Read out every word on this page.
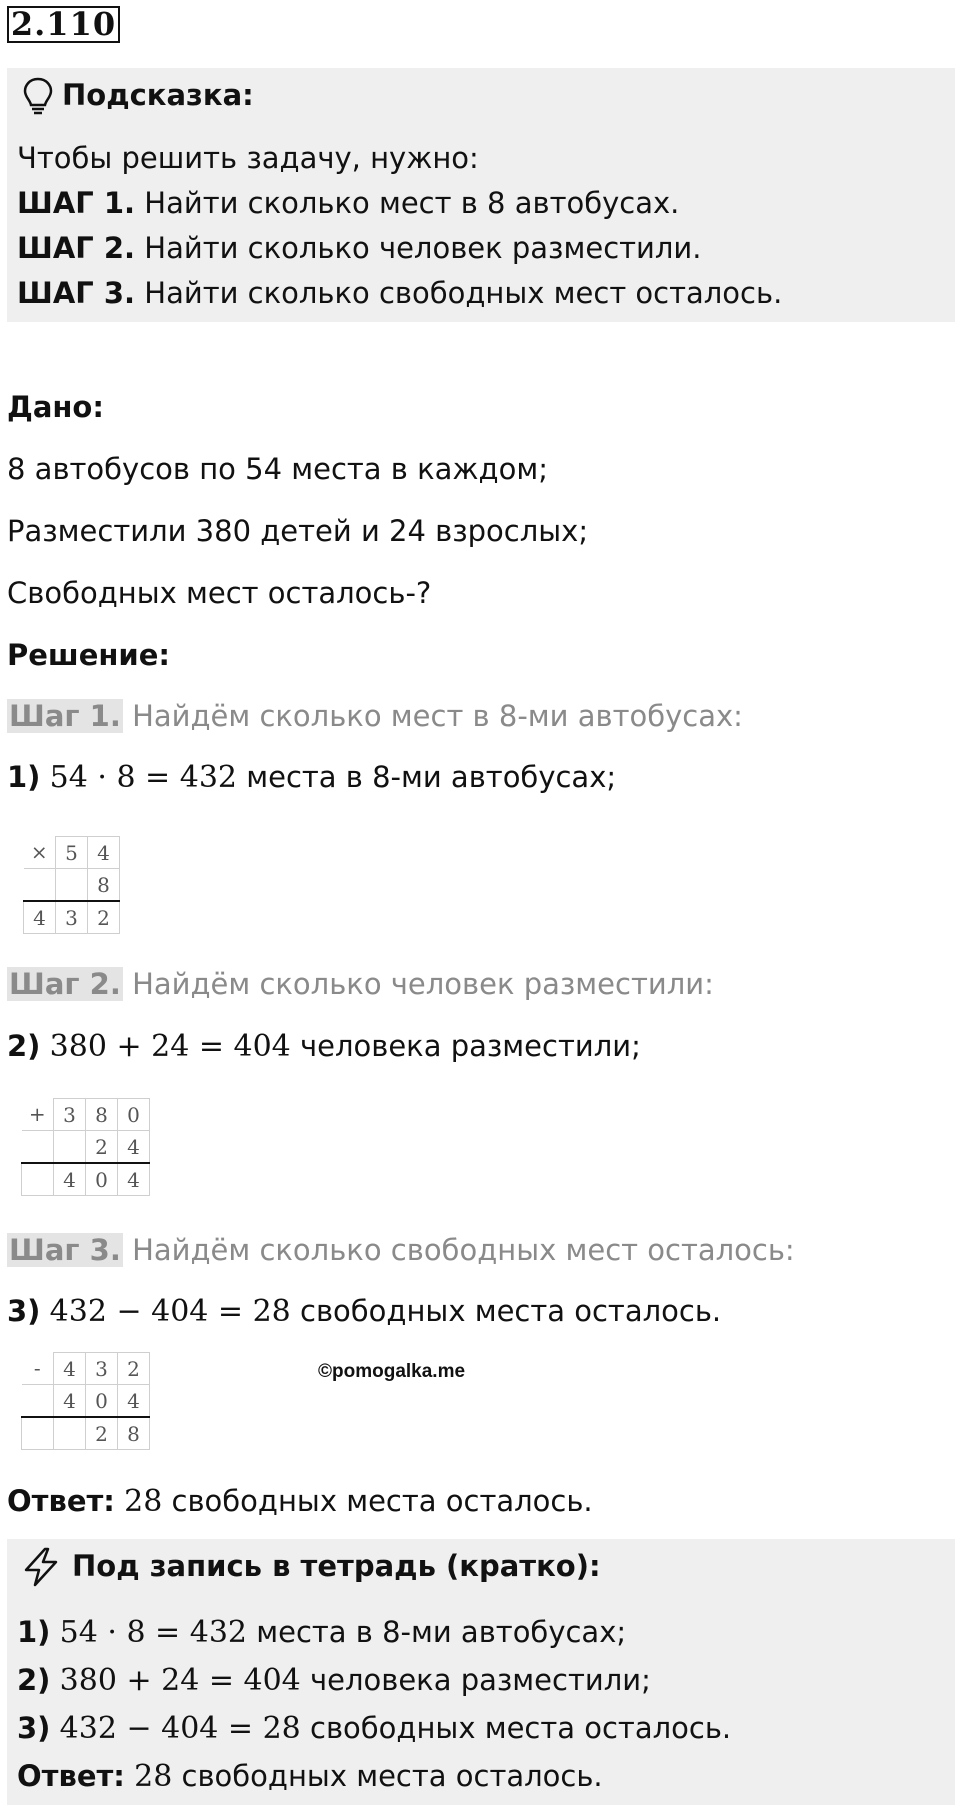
2.110
Подсказка:
Чтобы решить задачу, нужно:
ШАГ 1. Найти сколько мест в 8 автобусах.
ШАГ 2. Найти сколько человек разместили.
ШАГ 3. Найти сколько свободных мест осталось.
Дано:
8 автобусов по 54 места в каждом;
Разместили 380 детей и 24 взрослых;
Свободных мест осталось-?
Решение:
Шаг 1. Найдём сколько мест в 8-ми автобусах:
1) 54 · 8 = 432 места в 8-ми автобусах;
×	5	4
		8
4	3	2
Шаг 2. Найдём сколько человек разместили:
2) 380 + 24 = 404 человека разместили;
+	3	8	0
		2	4
	4	0	4
Шаг 3. Найдём сколько свободных мест осталось:
3) 432 − 404 = 28 свободных места осталось.
-	4	3	2
	4	0	4
		2	8
©pomogalka.me
Ответ: 28 свободных места осталось.
Под запись в тетрадь (кратко):
1) 54 · 8 = 432 места в 8-ми автобусах;
2) 380 + 24 = 404 человека разместили;
3) 432 − 404 = 28 свободных места осталось.
Ответ: 28 свободных места осталось.
